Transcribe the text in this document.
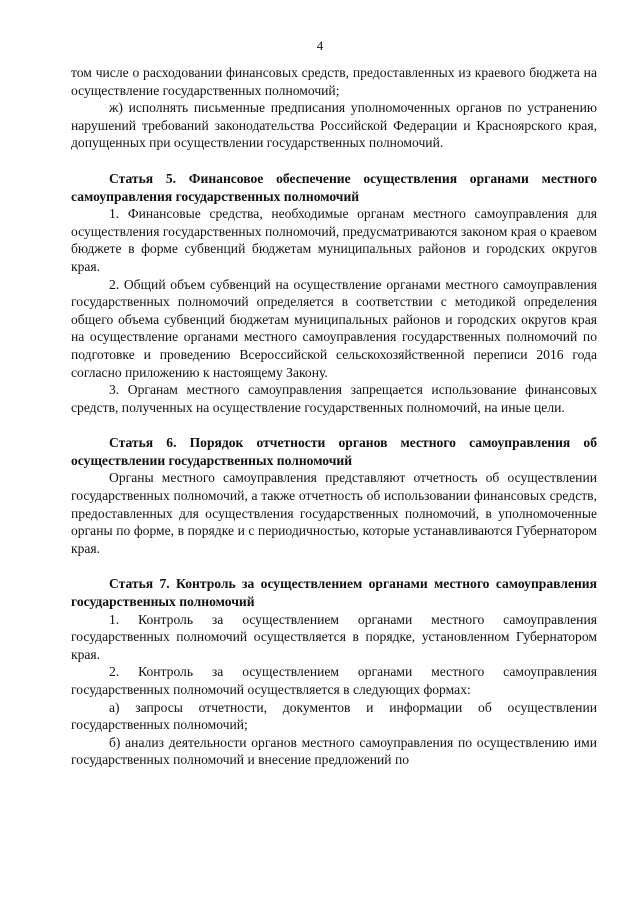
4

том числе о расходовании финансовых средств, предоставленных из краевого бюджета на осуществление государственных полномочий;

ж) исполнять письменные предписания уполномоченных органов по устранению нарушений требований законодательства Российской Федерации и Красноярского края, допущенных при осуществлении государственных полномочий.

Статья 5. Финансовое обеспечение осуществления органами местного самоуправления государственных полномочий

1. Финансовые средства, необходимые органам местного самоуправления для осуществления государственных полномочий, предусматриваются законом края о краевом бюджете в форме субвенций бюджетам муниципальных районов и городских округов края.

2. Общий объем субвенций на осуществление органами местного самоуправления государственных полномочий определяется в соответствии с методикой определения общего объема субвенций бюджетам муниципальных районов и городских округов края на осуществление органами местного самоуправления государственных полномочий по подготовке и проведению Всероссийской сельскохозяйственной переписи 2016 года согласно приложению к настоящему Закону.

3. Органам местного самоуправления запрещается использование финансовых средств, полученных на осуществление государственных полномочий, на иные цели.

Статья 6. Порядок отчетности органов местного самоуправления об осуществлении государственных полномочий

Органы местного самоуправления представляют отчетность об осуществлении государственных полномочий, а также отчетность об использовании финансовых средств, предоставленных для осуществления государственных полномочий, в уполномоченные органы по форме, в порядке и с периодичностью, которые устанавливаются Губернатором края.

Статья 7. Контроль за осуществлением органами местного самоуправления государственных полномочий

1. Контроль за осуществлением органами местного самоуправления государственных полномочий осуществляется в порядке, установленном Губернатором края.

2. Контроль за осуществлением органами местного самоуправления государственных полномочий осуществляется в следующих формах:

а) запросы отчетности, документов и информации об осуществлении государственных полномочий;

б) анализ деятельности органов местного самоуправления по осуществлению ими государственных полномочий и внесение предложений по
